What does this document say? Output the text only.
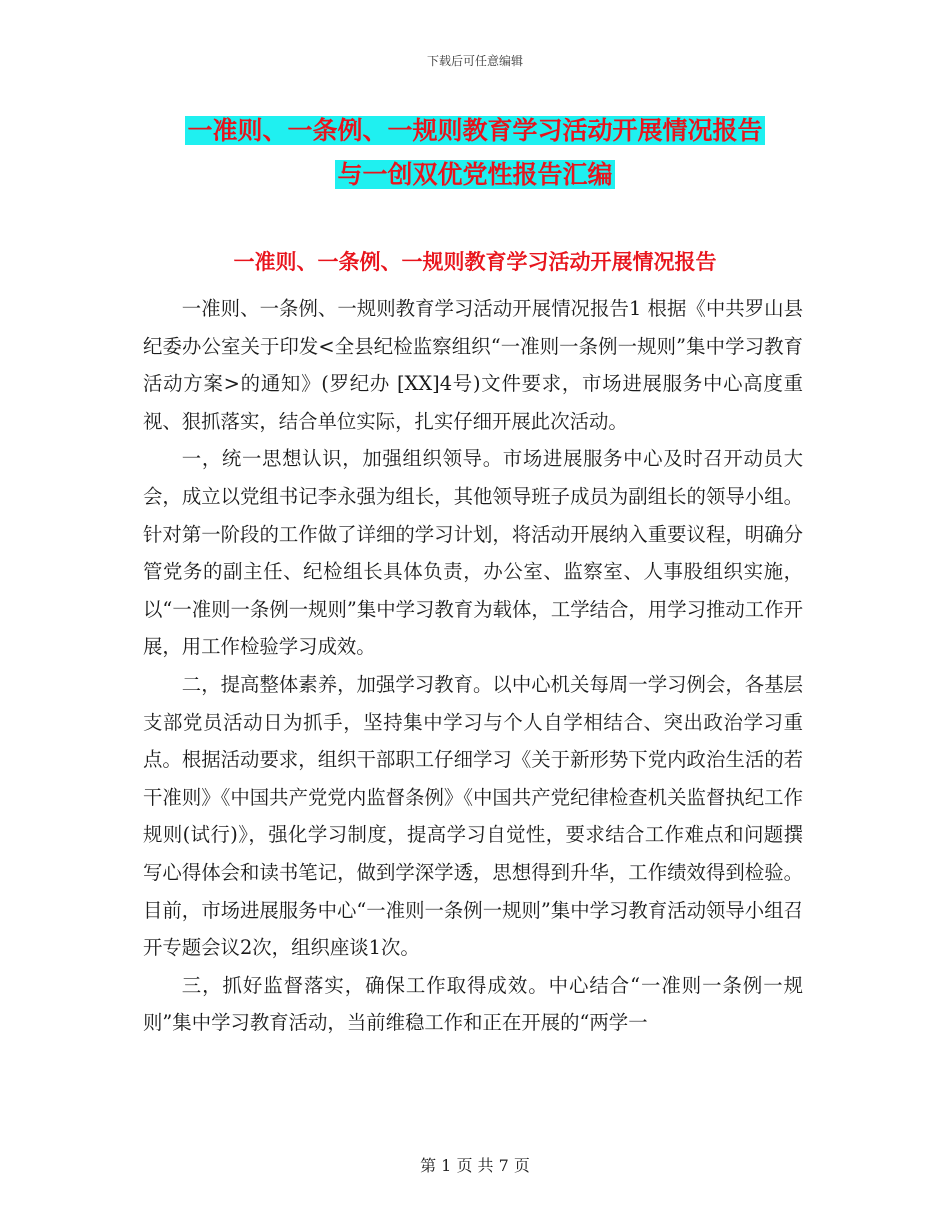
下载后可任意编辑
一准则、一条例、一规则教育学习活动开展情况报告
与一创双优党性报告汇编
一准则、一条例、一规则教育学习活动开展情况报告

一准则、一条例、一规则教育学习活动开展情况报告1 根据《中共罗山县纪委办公室关于印发<全县纪检监察组织“一准则一条例一规则”集中学习教育活动方案>的通知》(罗纪办 [XX]4号)文件要求，市场进展服务中心高度重视、狠抓落实，结合单位实际，扎实仔细开展此次活动。

一，统一思想认识，加强组织领导。市场进展服务中心及时召开动员大会，成立以党组书记李永强为组长，其他领导班子成员为副组长的领导小组。针对第一阶段的工作做了详细的学习计划，将活动开展纳入重要议程，明确分管党务的副主任、纪检组长具体负责，办公室、监察室、人事股组织实施，以“一准则一条例一规则”集中学习教育为载体，工学结合，用学习推动工作开展，用工作检验学习成效。

二，提高整体素养，加强学习教育。以中心机关每周一学习例会，各基层支部党员活动日为抓手，坚持集中学习与个人自学相结合、突出政治学习重点。根据活动要求，组织干部职工仔细学习《关于新形势下党内政治生活的若干准则》《中国共产党党内监督条例》《中国共产党纪律检查机关监督执纪工作规则(试行)》，强化学习制度，提高学习自觉性，要求结合工作难点和问题撰写心得体会和读书笔记，做到学深学透，思想得到升华，工作绩效得到检验。目前，市场进展服务中心“一准则一条例一规则”集中学习教育活动领导小组召开专题会议2次，组织座谈1次。

三，抓好监督落实，确保工作取得成效。中心结合“一准则一条例一规则”集中学习教育活动，当前维稳工作和正在开展的“两学一

第 1 页 共 7 页
